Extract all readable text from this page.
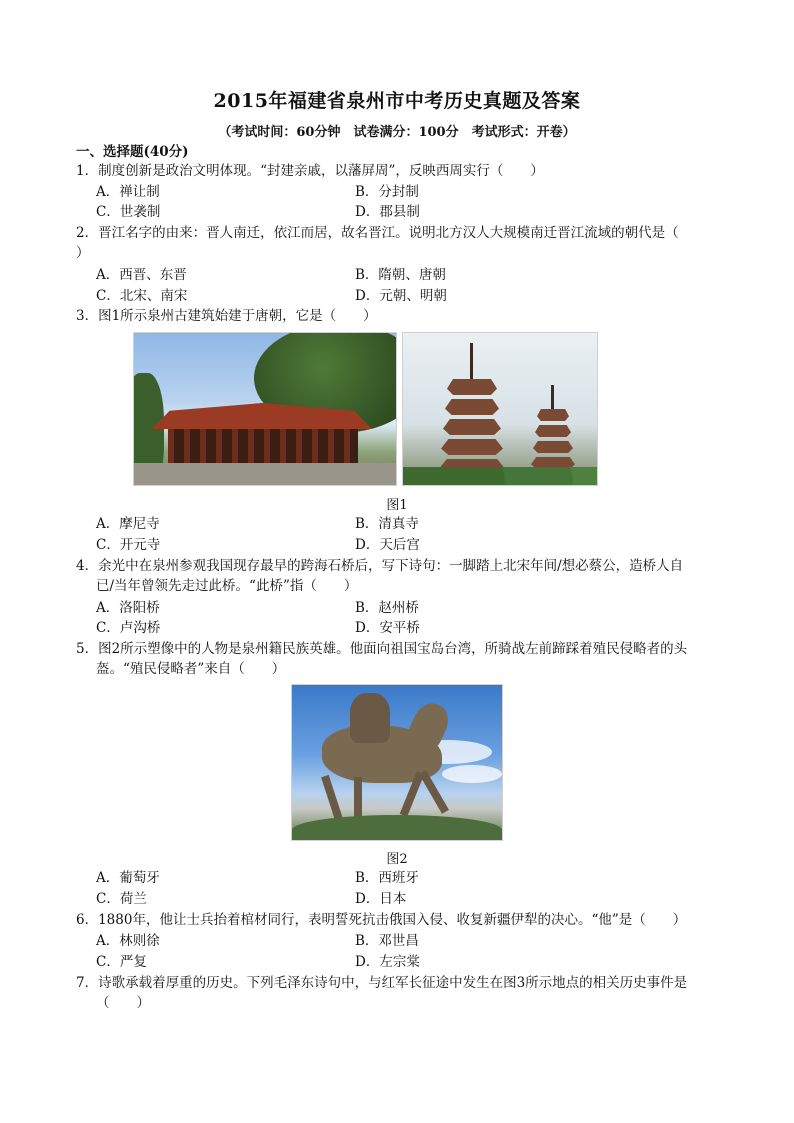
2015年福建省泉州市中考历史真题及答案
（考试时间：60分钟　试卷满分：100分　考试形式：开卷）
一、选择题(40分)
1．制度创新是政治文明体现。“封建亲戚，以藩屏周”，反映西周实行（　　）
A．禅让制	B．分封制
C．世袭制	D．郡县制
2．晋江名字的由来：晋人南迁，依江而居，故名晋江。说明北方汉人大规模南迁晋江流域的朝代是（
）
A．西晋、东晋	B．隋朝、唐朝
C．北宋、南宋	D．元朝、明朝
3．图1所示泉州古建筑始建于唐朝，它是（　　）
图1
A．摩尼寺	B．清真寺
C．开元寺	D．天后宫
4．余光中在泉州参观我国现存最早的跨海石桥后，写下诗句：一脚踏上北宋年间/想必蔡公，造桥人自
已/当年曾领先走过此桥。“此桥”指（　　）
A．洛阳桥	B．赵州桥
C．卢沟桥	D．安平桥
5．图2所示塑像中的人物是泉州籍民族英雄。他面向祖国宝岛台湾，所骑战左前蹄踩着殖民侵略者的头
盔。“殖民侵略者”来自（　　）
图2
A．葡萄牙	B．西班牙
C．荷兰	D．日本
6．1880年，他让士兵抬着棺材同行，表明誓死抗击俄国入侵、收复新疆伊犁的决心。“他”是（　　）
A．林则徐	B．邓世昌
C．严复	D．左宗棠
7．诗歌承载着厚重的历史。下列毛泽东诗句中，与红军长征途中发生在图3所示地点的相关历史事件是
（　　）
